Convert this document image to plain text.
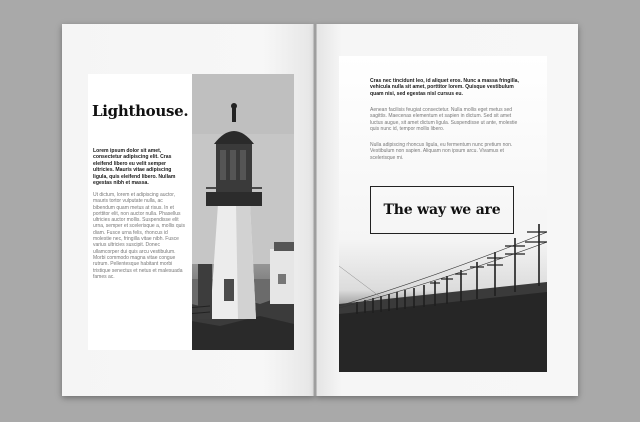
Lighthouse.

Lorem ipsum dolor sit amet, consectetur adipiscing elit. Cras eleifend libero eu velit semper ultricies. Mauris vitae adipiscing ligula, quis eleifend libero. Nullam egestas nibh et massa.

Ut dictum, lorem et adipiscing auctor, mauris tortor vulputate nulla, ac bibendum quam metus at risus. In et porttitor elit, non auctor nulla. Phasellus ultricies auctor mollis. Suspendisse elit urna, semper et scelerisque a, mollis quis diam. Fusce urna felis, rhoncus id molestie nec, fringilla vitae nibh. Fusce varius ultricies suscipit. Donec ullamcorper dui quis arcu vestibulum. Morbi commodo magna vitae congue rutrum. Pellentesque habitant morbi tristique senectus et netus et malesuada fames ac.

Cras nec tincidunt leo, id aliquet eros. Nunc a massa fringilla, vehicula nulla sit amet, porttitor lorem. Quisque vestibulum quam nisi, sed egestas nisl cursus eu.

Aenean facilisis feugiat consectetur. Nulla mollis eget metus sed sagittis. Maecenas elementum et sapien in dictum. Sed sit amet luctus augue, sit amet dictum ligula. Suspendisse ut ante, molestie quis nunc id, tempor mollis libero.

Nulla adipiscing rhoncus ligula, eu fermentum nunc pretium non. Vestibulum non sapien. Aliquam non ipsum arcu. Vivamus et scelerisque mi.

The way we are
